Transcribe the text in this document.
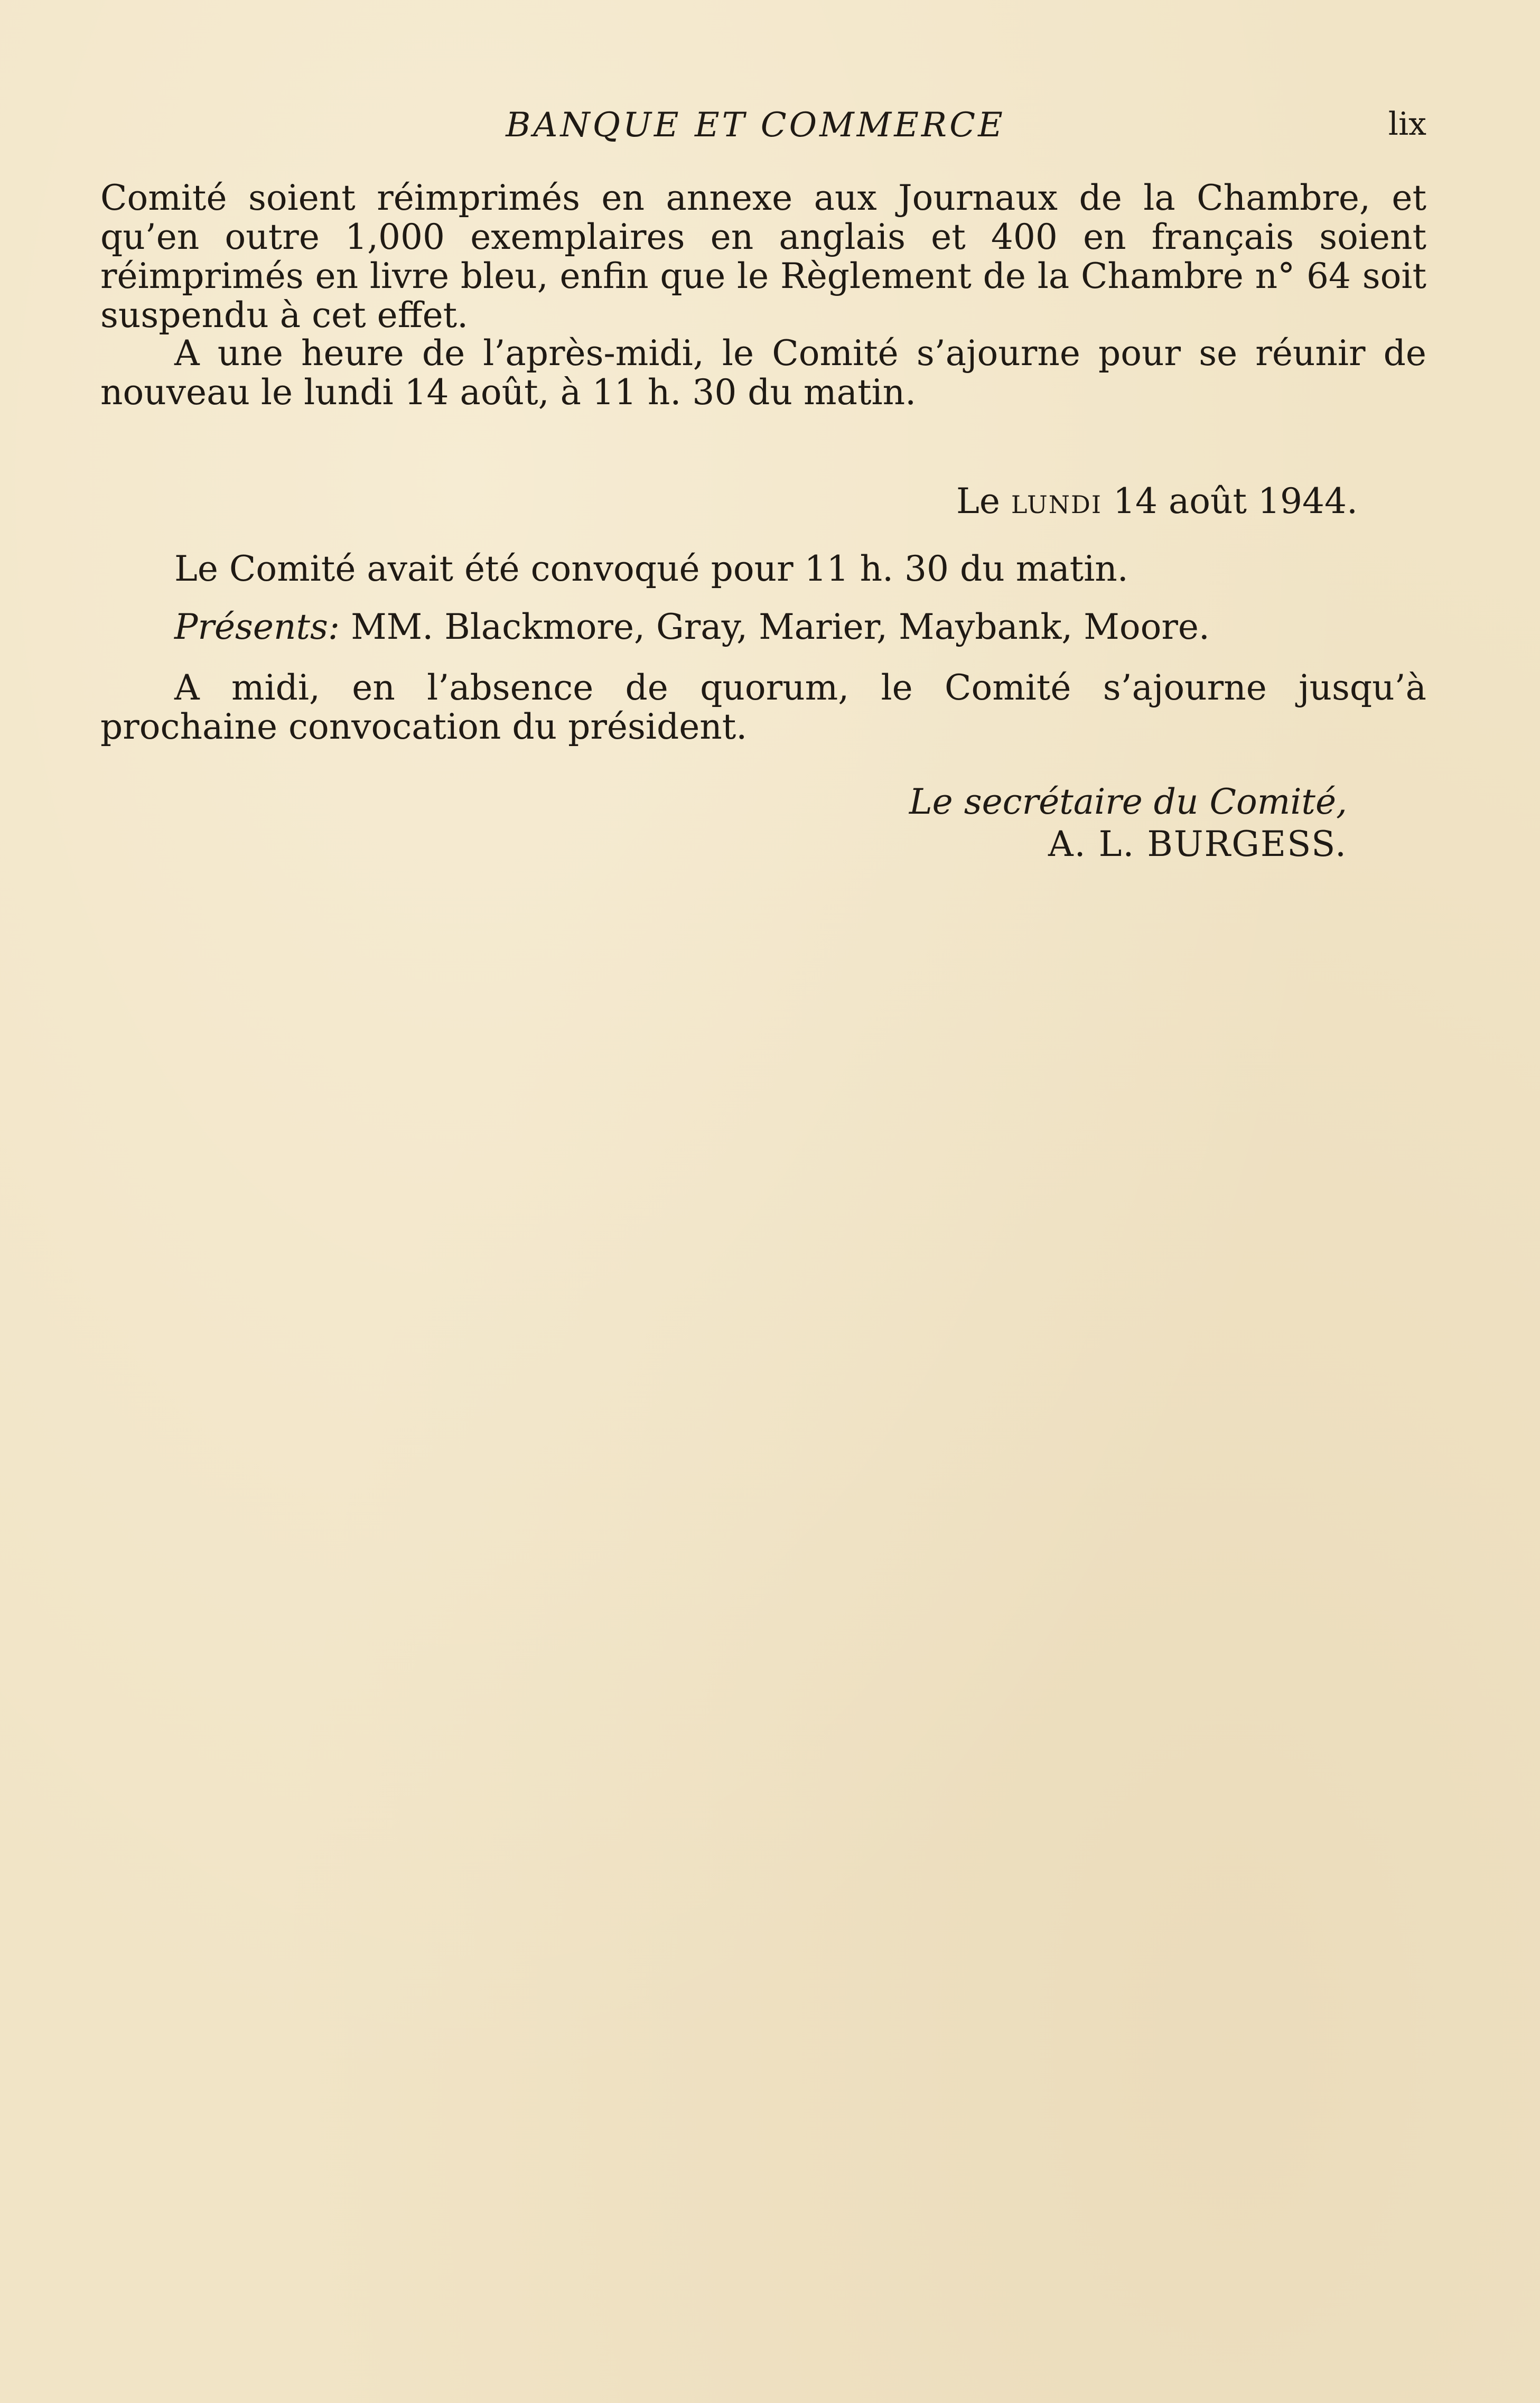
BANQUE ET COMMERCE	lix

Comité soient réimprimés en annexe aux Journaux de la Chambre, et qu’en outre 1,000 exemplaires en anglais et 400 en français soient réimprimés en livre bleu, enfin que le Règlement de la Chambre n° 64 soit suspendu à cet effet.

A une heure de l’après-midi, le Comité s’ajourne pour se réunir de nouveau le lundi 14 août, à 11 h. 30 du matin.

Le lundi 14 août 1944.

Le Comité avait été convoqué pour 11 h. 30 du matin.

Présents: MM. Blackmore, Gray, Marier, Maybank, Moore.

A midi, en l’absence de quorum, le Comité s’ajourne jusqu’à prochaine convocation du président.

Le secrétaire du Comité,
A. L. BURGESS.
